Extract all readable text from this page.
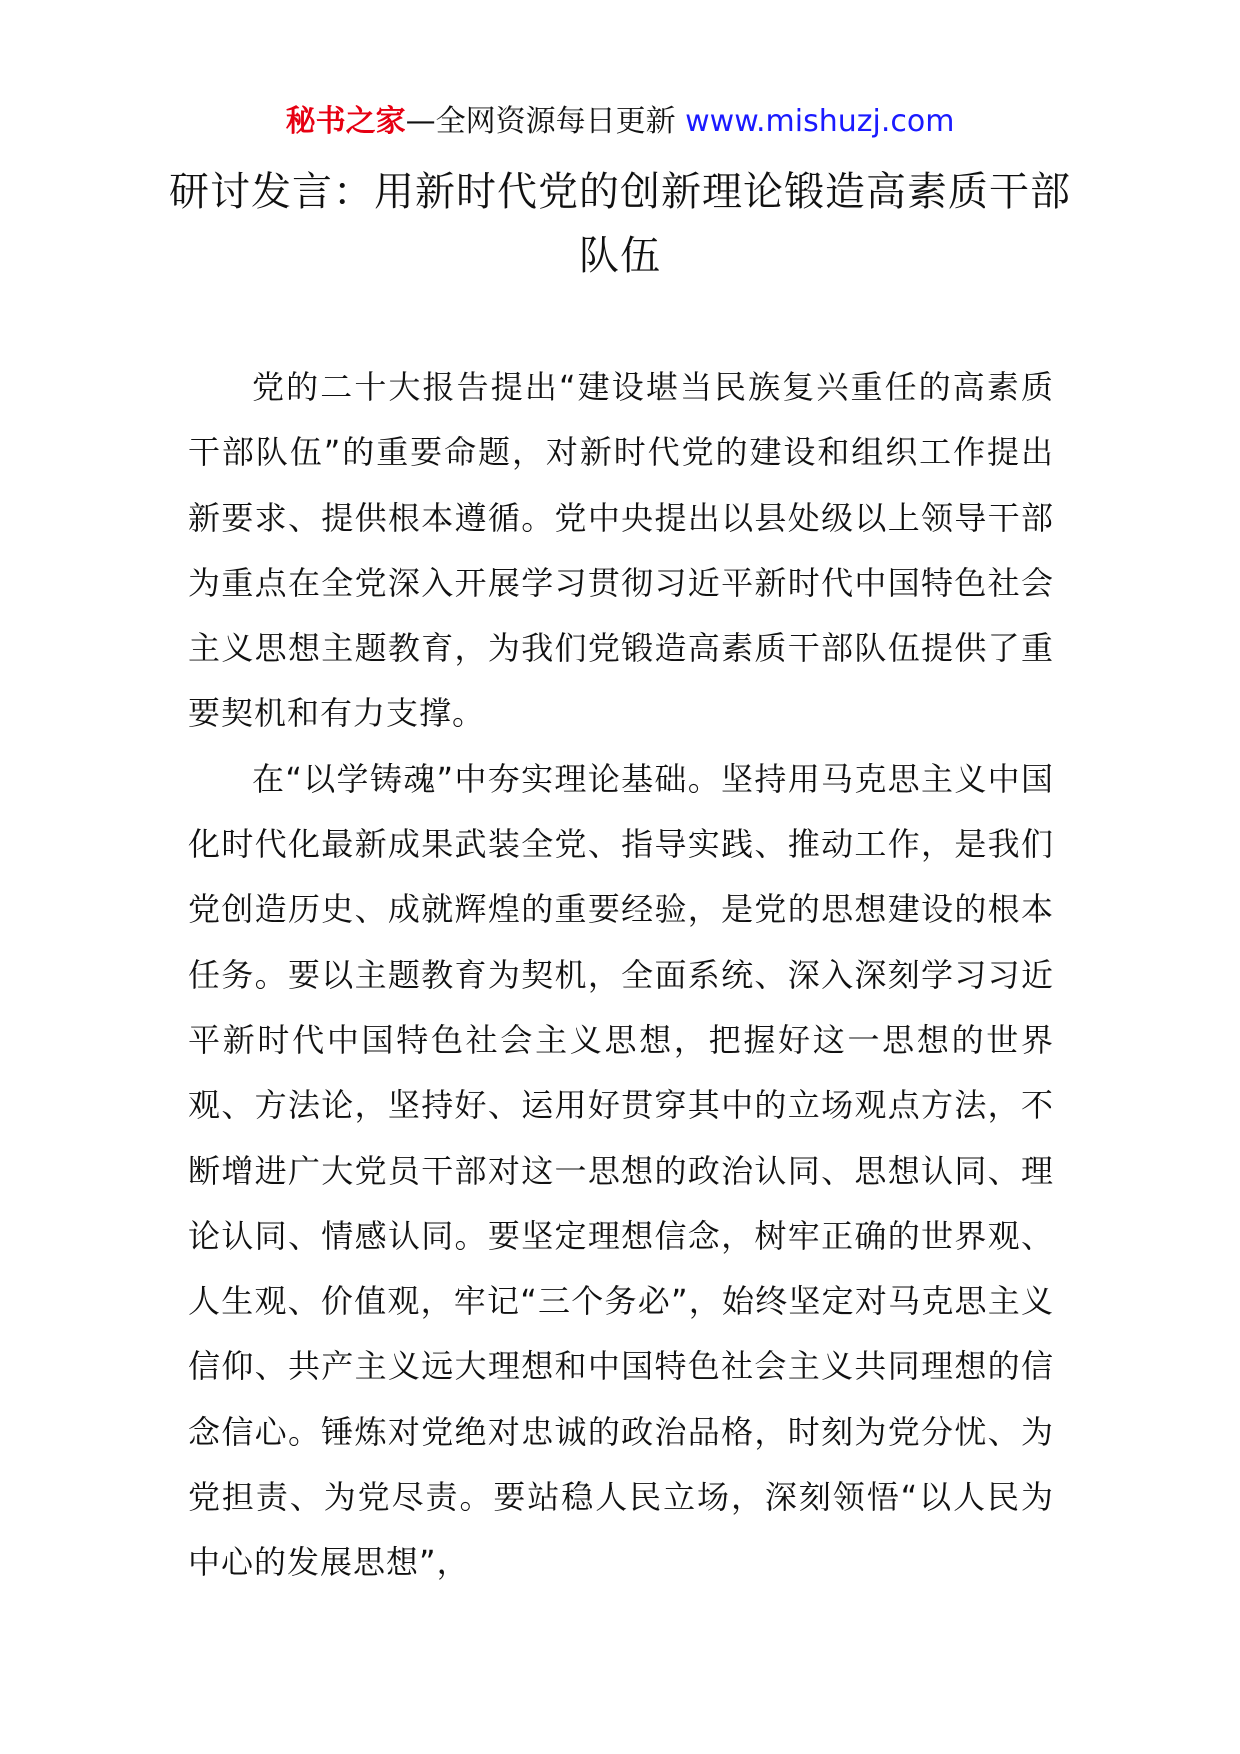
秘书之家—全网资源每日更新 www.mishuzj.com
研讨发言：用新时代党的创新理论锻造高素质干部队伍

党的二十大报告提出“建设堪当民族复兴重任的高素质干部队伍”的重要命题，对新时代党的建设和组织工作提出新要求、提供根本遵循。党中央提出以县处级以上领导干部为重点在全党深入开展学习贯彻习近平新时代中国特色社会主义思想主题教育，为我们党锻造高素质干部队伍提供了重要契机和有力支撑。

在“以学铸魂”中夯实理论基础。坚持用马克思主义中国化时代化最新成果武装全党、指导实践、推动工作，是我们党创造历史、成就辉煌的重要经验，是党的思想建设的根本任务。要以主题教育为契机，全面系统、深入深刻学习习近平新时代中国特色社会主义思想，把握好这一思想的世界观、方法论，坚持好、运用好贯穿其中的立场观点方法，不断增进广大党员干部对这一思想的政治认同、思想认同、理论认同、情感认同。要坚定理想信念，树牢正确的世界观、人生观、价值观，牢记“三个务必”，始终坚定对马克思主义信仰、共产主义远大理想和中国特色社会主义共同理想的信念信心。锤炼对党绝对忠诚的政治品格，时刻为党分忧、为党担责、为党尽责。要站稳人民立场，深刻领悟“以人民为中心的发展思想”，
